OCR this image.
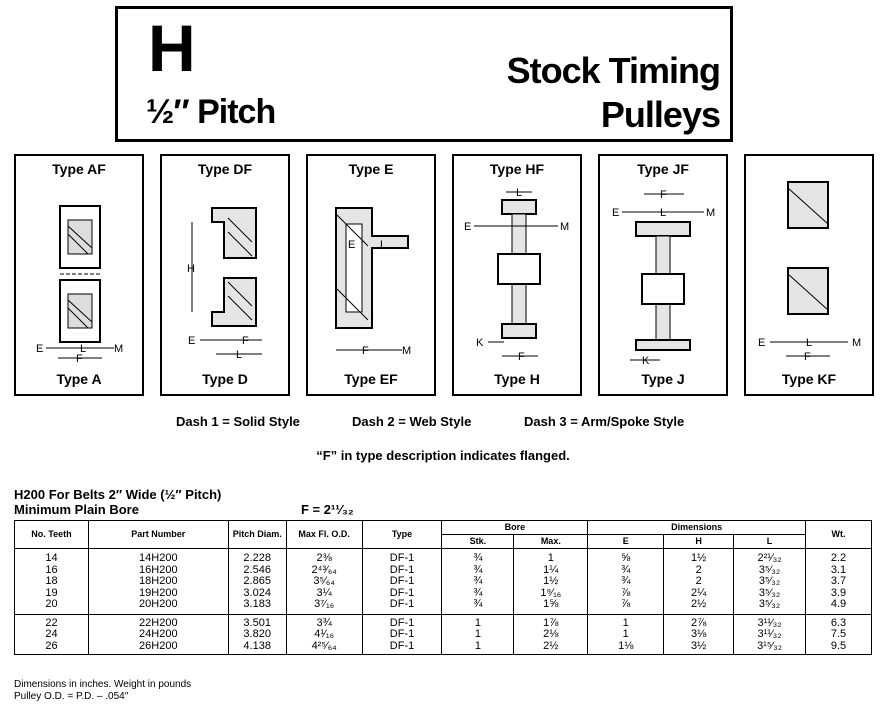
H
½″ Pitch
Stock Timing
Pulleys
Type AF
E	L	M
F
Type A
Type DF
H
E	F
L
Type D
Type E
E L
F	M
Type EF
Type HF
L
E	M
K
F
Type H
Type JF
F
E	L	M
K
Type J
E	L	M
F
Type KF
Dash 1 = Solid Style	Dash 2 = Web Style	Dash 3 = Arm/Spoke Style
“F” in type description indicates flanged.
H200 For Belts 2″ Wide (½″ Pitch)
Minimum Plain Bore	F = 2¹¹⁄₃₂
No. Teeth	Part Number	Pitch Diam.	Max Fl. O.D.	Type	Bore		Dimensions			Wt.
					Stk.	Max.	E	H	L	
14	14H200	2.228	2⅜	DF-1	¾	1	⅝	1½	2²¹⁄₃₂	2.2
16	16H200	2.546	2⁴³⁄₆₄	DF-1	¾	1¼	¾	2	3⁵⁄₃₂	3.1
18	18H200	2.865	3⁵⁄₆₄	DF-1	¾	1½	¾	2	3⁵⁄₃₂	3.7
19	19H200	3.024	3¼	DF-1	¾	1⁹⁄₁₆	⅞	2¼	3⁵⁄₃₂	3.9
20	20H200	3.183	3⁷⁄₁₆	DF-1	¾	1⅝	⅞	2½	3⁵⁄₃₂	4.9
22	22H200	3.501	3¾	DF-1	1	1⅞	1	2⅞	3¹¹⁄₃₂	6.3
24	24H200	3.820	4¹⁄₁₆	DF-1	1	2⅛	1	3⅛	3¹¹⁄₃₂	7.5
26	26H200	4.138	4²⁵⁄₆₄	DF-1	1	2½	1⅛	3½	3¹⁵⁄₃₂	9.5
Dimensions in inches. Weight in pounds
Pulley O.D. = P.D. – .054″
